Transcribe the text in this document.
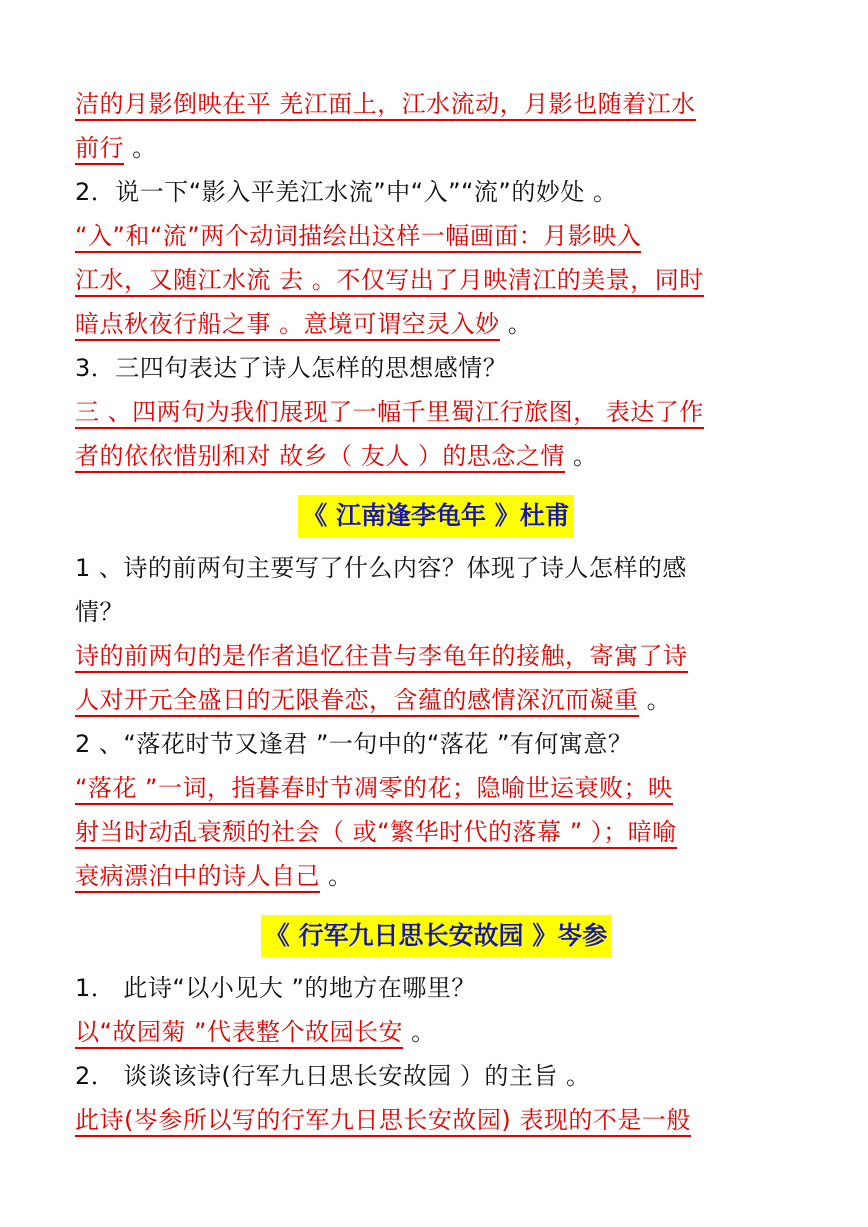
洁的月影倒映在平 羌江面上，江水流动，月影也随着江水
前行 。
2．说一下“影入平羌江水流”中“入”“流”的妙处 。
“入”和“流”两个动词描绘出这样一幅画面：月影映入
江水，又随江水流 去 。不仅写出了月映清江的美景，同时
暗点秋夜行船之事 。意境可谓空灵入妙 。
3．三四句表达了诗人怎样的思想感情？
三 、四两句为我们展现了一幅千里蜀江行旅图， 表达了作
者的依依惜别和对 故乡（ 友人 ）的思念之情 。
《 江南逢李龟年 》杜甫
1 、诗的前两句主要写了什么内容？体现了诗人怎样的感
情？
诗的前两句的是作者追忆往昔与李龟年的接触，寄寓了诗
人对开元全盛日的无限眷恋，含蕴的感情深沉而凝重 。
2 、“落花时节又逢君 ”一句中的“落花 ”有何寓意？
“落花 ”一词，指暮春时节凋零的花；隐喻世运衰败；映
射当时动乱衰颓的社会（ 或“繁华时代的落幕 ” ）；暗喻
衰病漂泊中的诗人自己 。
《 行军九日思长安故园 》岑参
1． 此诗“以小见大 ”的地方在哪里？
以“故园菊 ”代表整个故园长安 。
2． 谈谈该诗(行军九日思长安故园 ）的主旨 。
此诗(岑参所以写的行军九日思长安故园) 表现的不是一般
